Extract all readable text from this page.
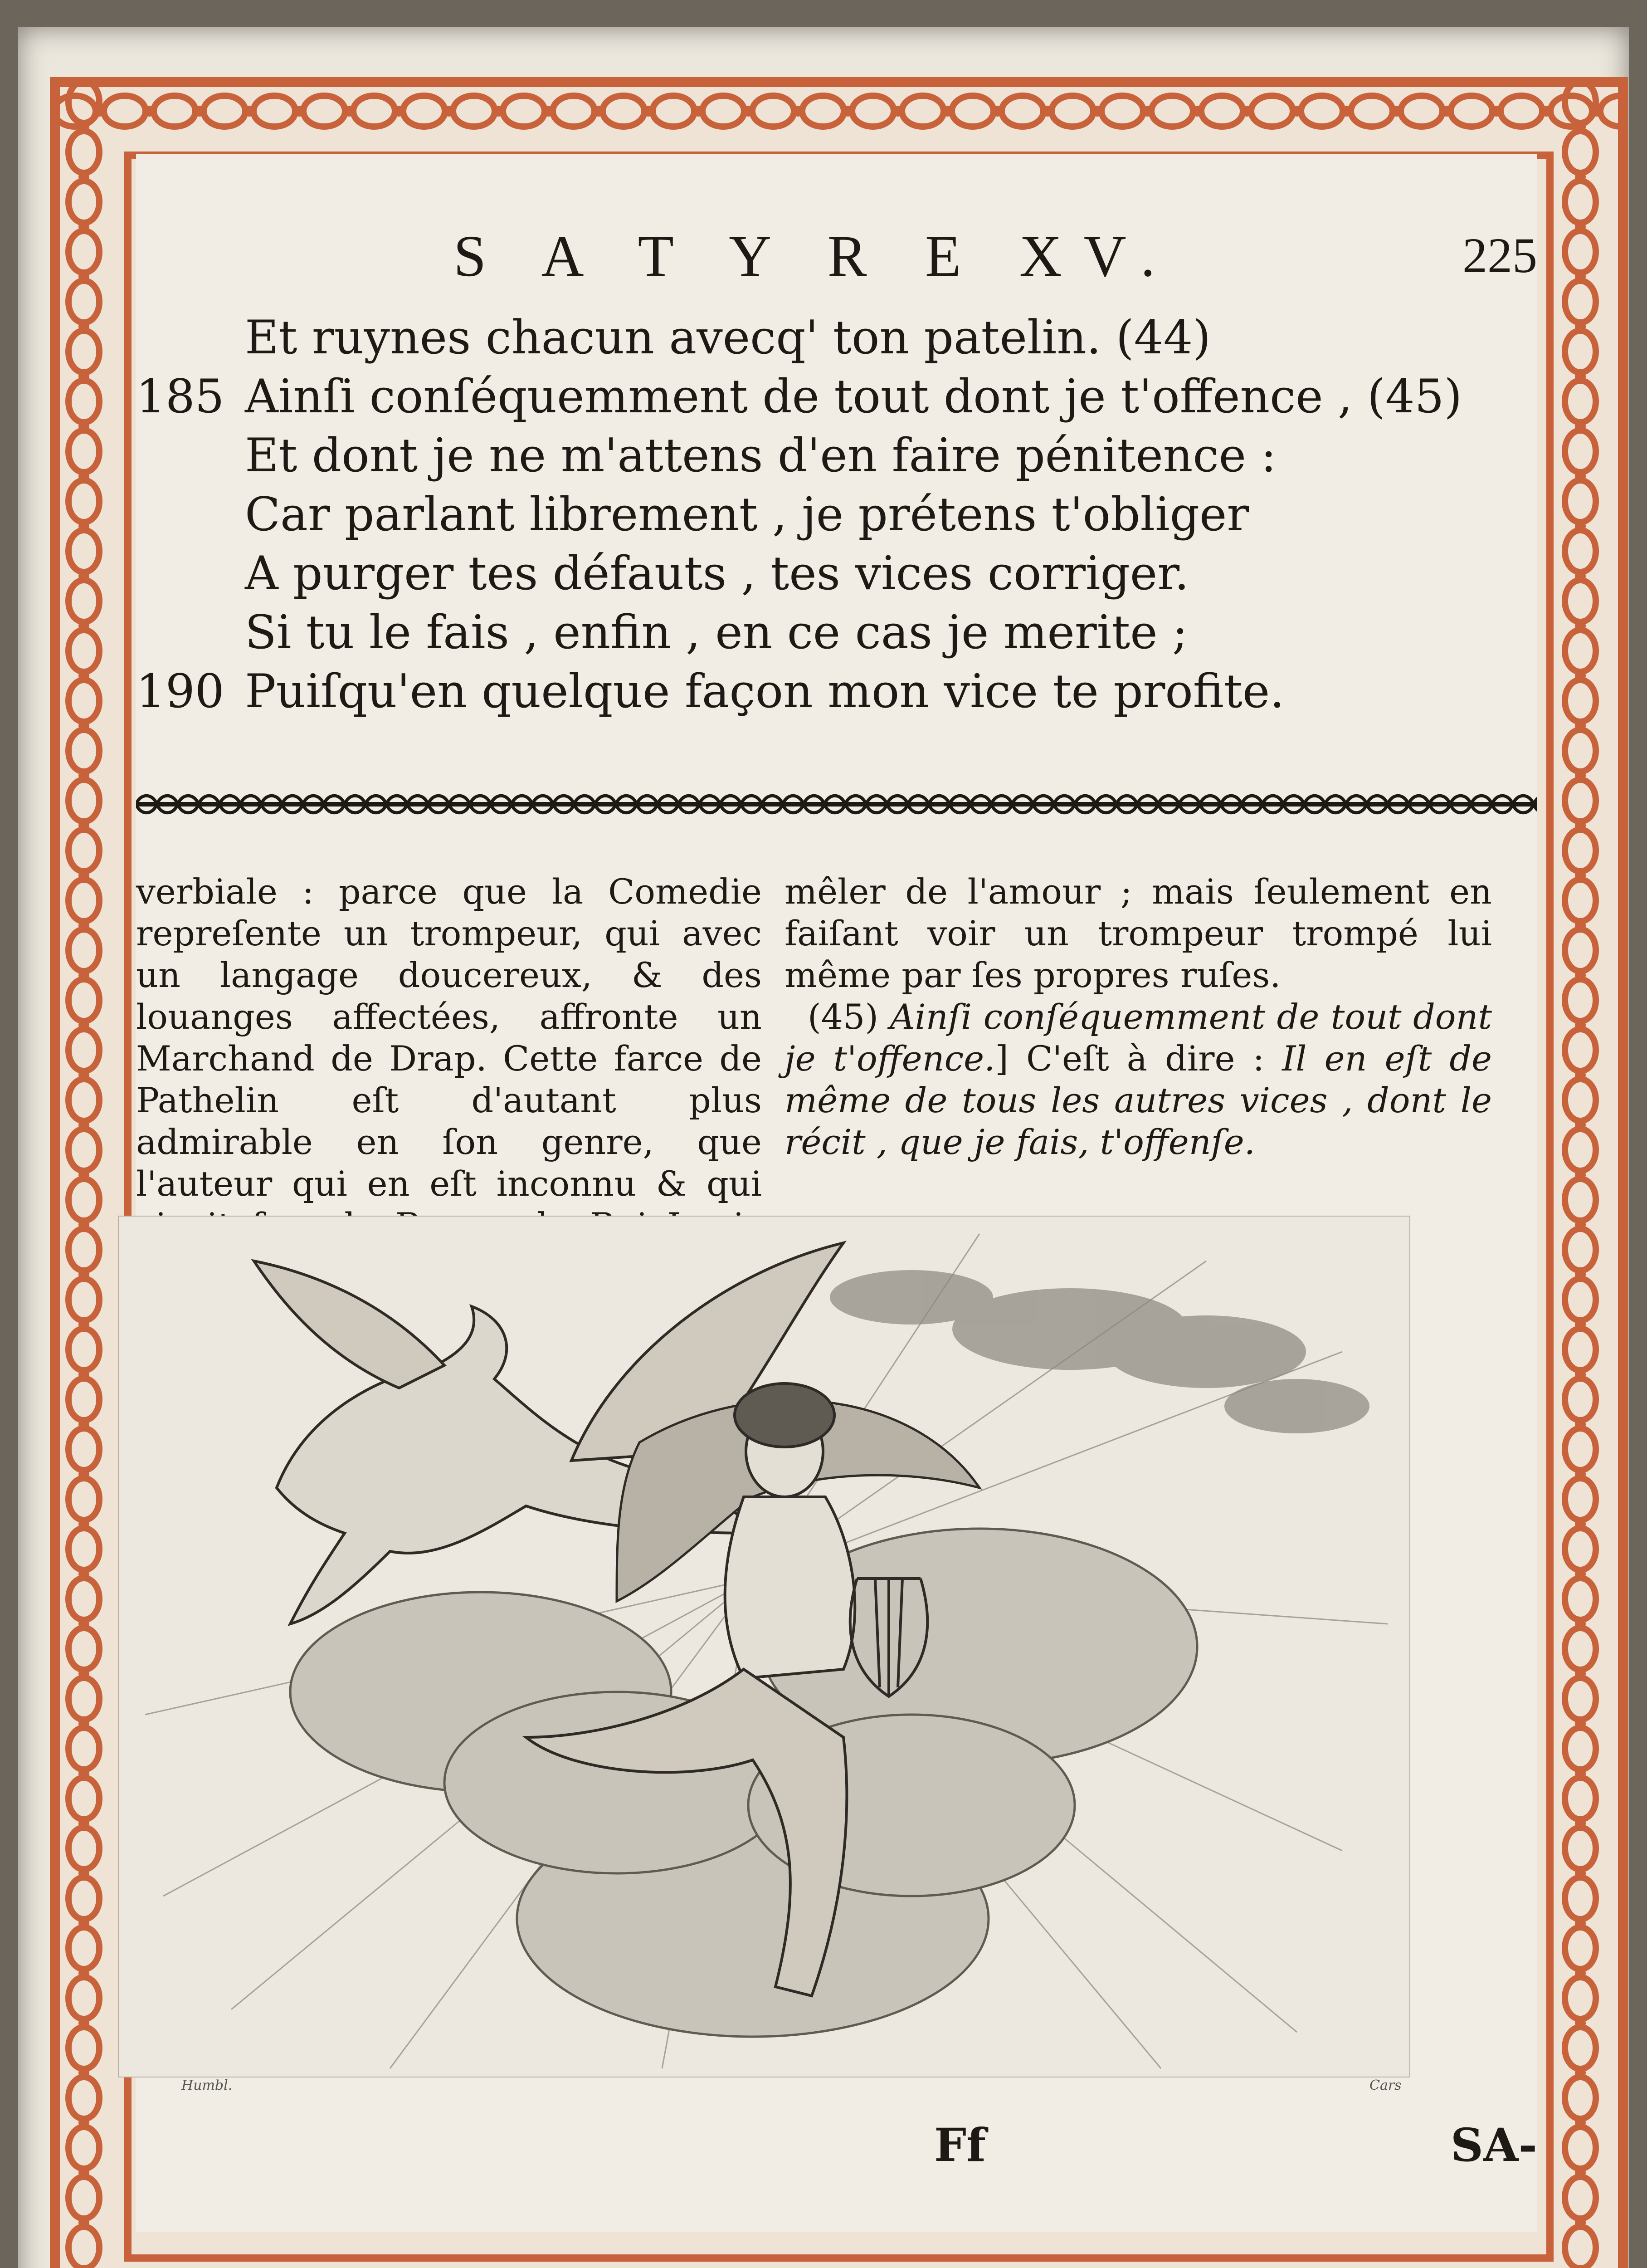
S A T Y R E XV.	225
Et ruynes chacun avecq' ton patelin. (44)
185 Ainſi conſéquemment de tout dont je t'offence , (45)
Et dont je ne m'attens d'en faire pénitence :
Car parlant librement , je prétens t'obliger
A purger tes défauts , tes vices corriger.
Si tu le fais , enfin , en ce cas je merite ;
190 Puiſqu'en quelque façon mon vice te profite.

verbiale : parce que la Comedie repreſente un trompeur, qui avec un langage doucereux, & des louanges affectées, affronte un Marchand de Drap. Cette farce de Pathelin eſt d'autant plus admirable en ſon genre, que l'auteur qui en eſt inconnu & qui

mêler de l'amour ; mais ſeulement en faiſant voir un trompeur trompé lui même par ſes propres ruſes.

(45) Ainſi conſéquemment de tout dont je t'offence.] C'eſt à dire : Il en eſt de même de tous les autres vices , dont le récit , que je fais, t'offenſe.

Humbl.	Cars
Ff	SA-
